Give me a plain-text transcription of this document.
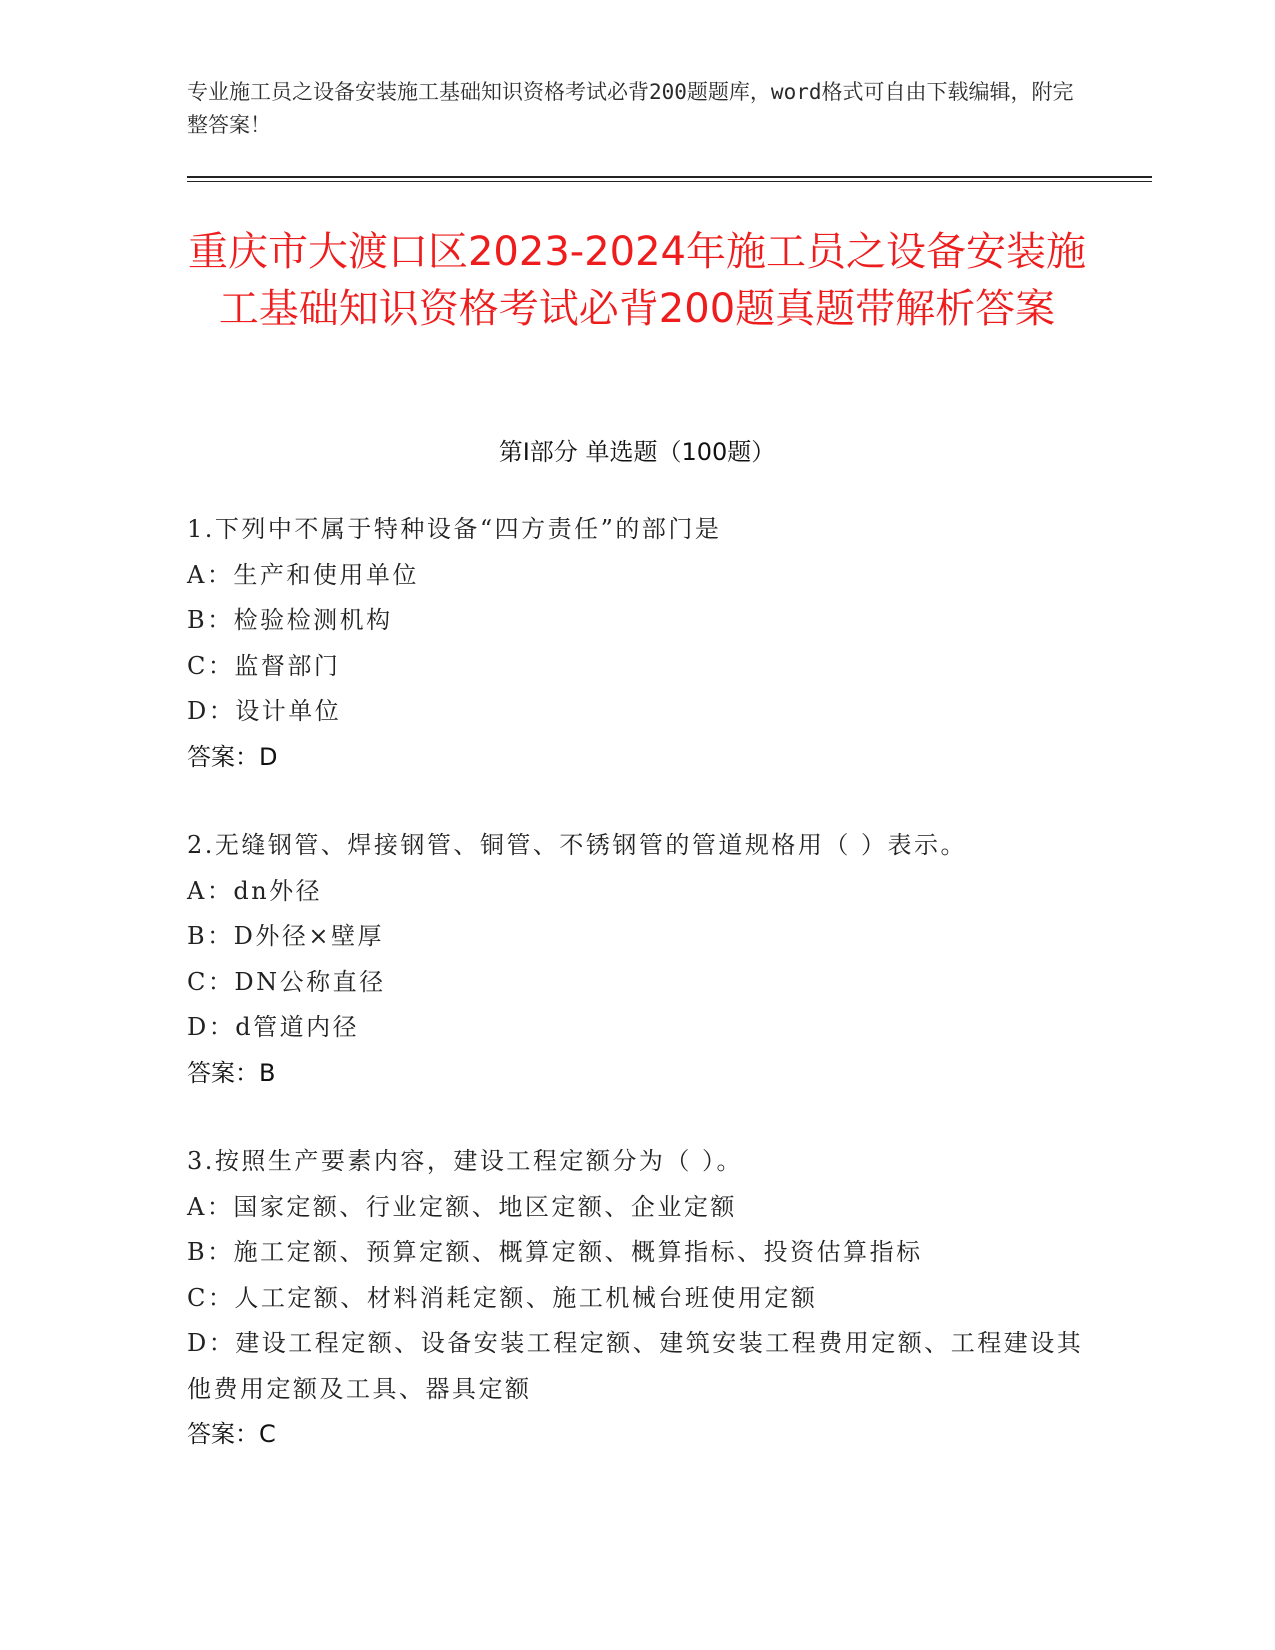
专业施工员之设备安装施工基础知识资格考试必背200题题库，word格式可自由下载编辑，附完整答案！
重庆市大渡口区2023-2024年施工员之设备安装施工基础知识资格考试必背200题真题带解析答案
第Ⅰ部分 单选题（100题）
1.下列中不属于特种设备“四方责任”的部门是
A：生产和使用单位
B：检验检测机构
C：监督部门
D：设计单位
答案：D
2.无缝钢管、焊接钢管、铜管、不锈钢管的管道规格用（ ）表示。
A：dn外径
B：D外径×壁厚
C：DN公称直径
D：d管道内径
答案：B
3.按照生产要素内容，建设工程定额分为（ ）。
A：国家定额、行业定额、地区定额、企业定额
B：施工定额、预算定额、概算定额、概算指标、投资估算指标
C：人工定额、材料消耗定额、施工机械台班使用定额
D：建设工程定额、设备安装工程定额、建筑安装工程费用定额、工程建设其他费用定额及工具、器具定额
答案：C
